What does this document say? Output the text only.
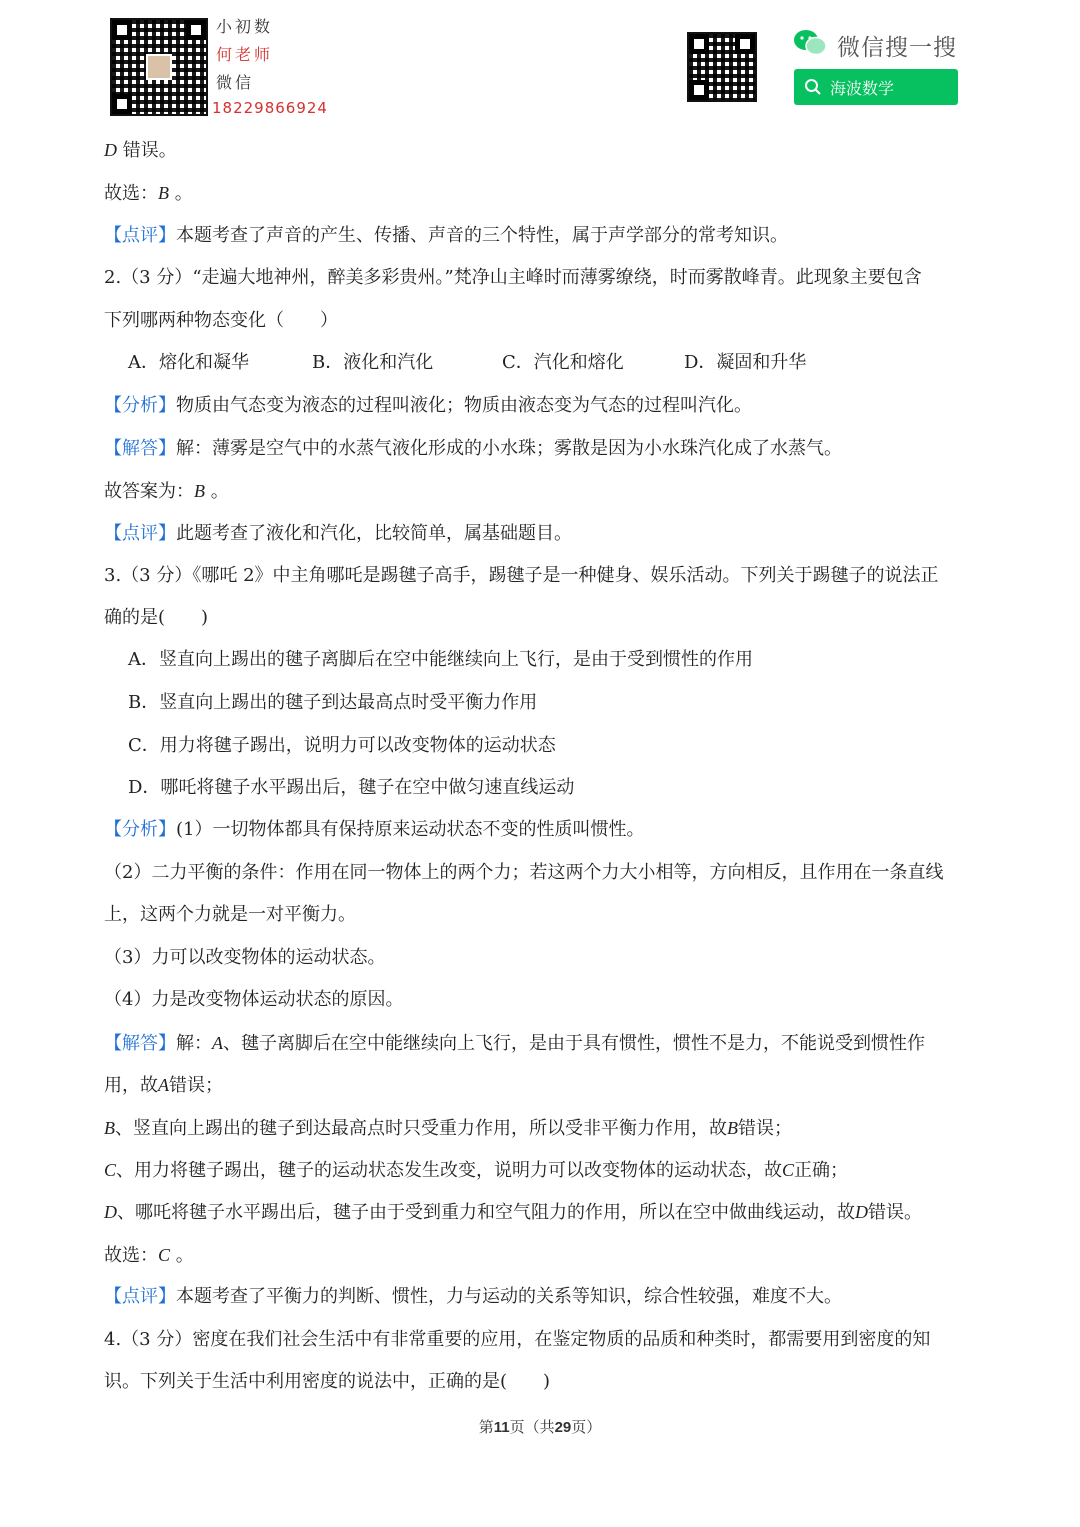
小初数
何老师
微信
18229866924
微信搜一搜
海波数学
D 错误。
故选：B 。
【点评】本题考查了声音的产生、传播、声音的三个特性，属于声学部分的常考知识。
2.（3 分）“走遍大地神州，醉美多彩贵州。”梵净山主峰时而薄雾缭绕，时而雾散峰青。此现象主要包含
下列哪两种物态变化（　　）
A．熔化和凝华	B．液化和汽化	C．汽化和熔化	D．凝固和升华
【分析】物质由气态变为液态的过程叫液化；物质由液态变为气态的过程叫汽化。
【解答】解：薄雾是空气中的水蒸气液化形成的小水珠；雾散是因为小水珠汽化成了水蒸气。
故答案为：B 。
【点评】此题考查了液化和汽化，比较简单，属基础题目。
3.（3 分）《哪吒 2》中主角哪吒是踢毽子高手，踢毽子是一种健身、娱乐活动。下列关于踢毽子的说法正
确的是(　　)
A．竖直向上踢出的毽子离脚后在空中能继续向上飞行，是由于受到惯性的作用
B．竖直向上踢出的毽子到达最高点时受平衡力作用
C．用力将毽子踢出，说明力可以改变物体的运动状态
D．哪吒将毽子水平踢出后，毽子在空中做匀速直线运动
【分析】(1）一切物体都具有保持原来运动状态不变的性质叫惯性。
（2）二力平衡的条件：作用在同一物体上的两个力；若这两个力大小相等，方向相反，且作用在一条直线
上，这两个力就是一对平衡力。
（3）力可以改变物体的运动状态。
（4）力是改变物体运动状态的原因。
【解答】解：A、毽子离脚后在空中能继续向上飞行，是由于具有惯性，惯性不是力，不能说受到惯性作
用，故A错误；
B、竖直向上踢出的毽子到达最高点时只受重力作用，所以受非平衡力作用，故B错误；
C、用力将毽子踢出，毽子的运动状态发生改变，说明力可以改变物体的运动状态，故C正确；
D、哪吒将毽子水平踢出后，毽子由于受到重力和空气阻力的作用，所以在空中做曲线运动，故D错误。
故选：C 。
【点评】本题考查了平衡力的判断、惯性，力与运动的关系等知识，综合性较强，难度不大。
4.（3 分）密度在我们社会生活中有非常重要的应用，在鉴定物质的品质和种类时，都需要用到密度的知
识。下列关于生活中利用密度的说法中，正确的是(　　)
第11页（共29页）
